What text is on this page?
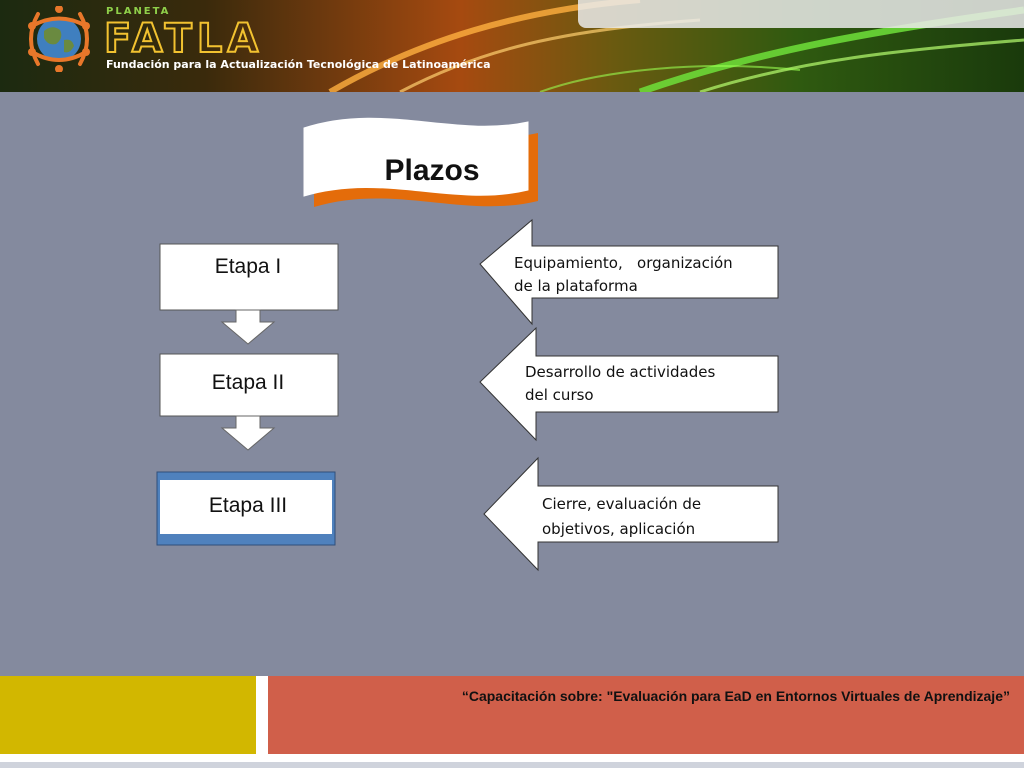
PLANETA
FATLA
Fundación para la Actualización Tecnológica de Latinoamérica
Plazos
Etapa I
Etapa II
Etapa III
Equipamiento,   organización
de la plataforma
Desarrollo de actividades
del curso
Cierre, evaluación de
objetivos, aplicación
“Capacitación sobre: "Evaluación para EaD en Entornos Virtuales de Aprendizaje”
